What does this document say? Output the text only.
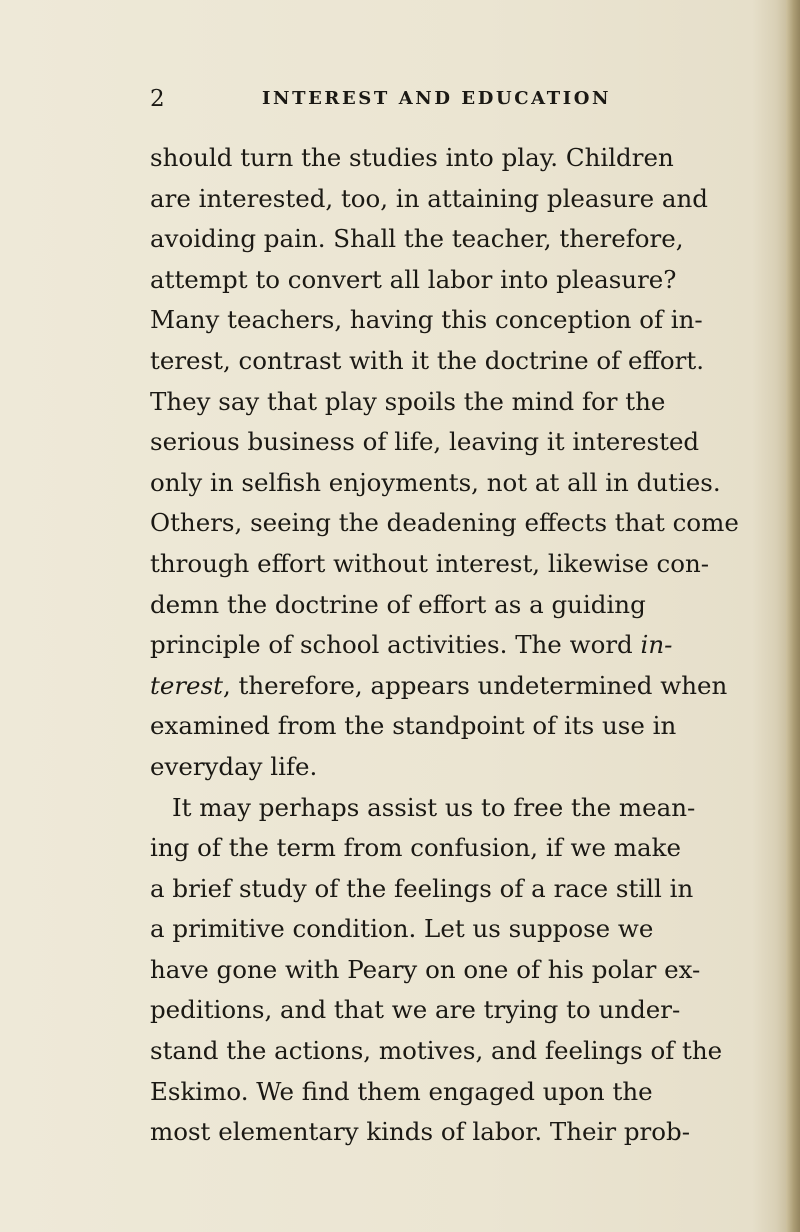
2	INTEREST AND EDUCATION
should turn the studies into play. Children
are interested, too, in attaining pleasure and
avoiding pain. Shall the teacher, therefore,
attempt to convert all labor into pleasure?
Many teachers, having this conception of in-
terest, contrast with it the doctrine of effort.
They say that play spoils the mind for the
serious business of life, leaving it interested
only in selfish enjoyments, not at all in duties.
Others, seeing the deadening effects that come
through effort without interest, likewise con-
demn the doctrine of effort as a guiding
principle of school activities. The word in-
terest, therefore, appears undetermined when
examined from the standpoint of its use in
everyday life.
It may perhaps assist us to free the mean-
ing of the term from confusion, if we make
a brief study of the feelings of a race still in
a primitive condition. Let us suppose we
have gone with Peary on one of his polar ex-
peditions, and that we are trying to under-
stand the actions, motives, and feelings of the
Eskimo. We find them engaged upon the
most elementary kinds of labor. Their prob-
